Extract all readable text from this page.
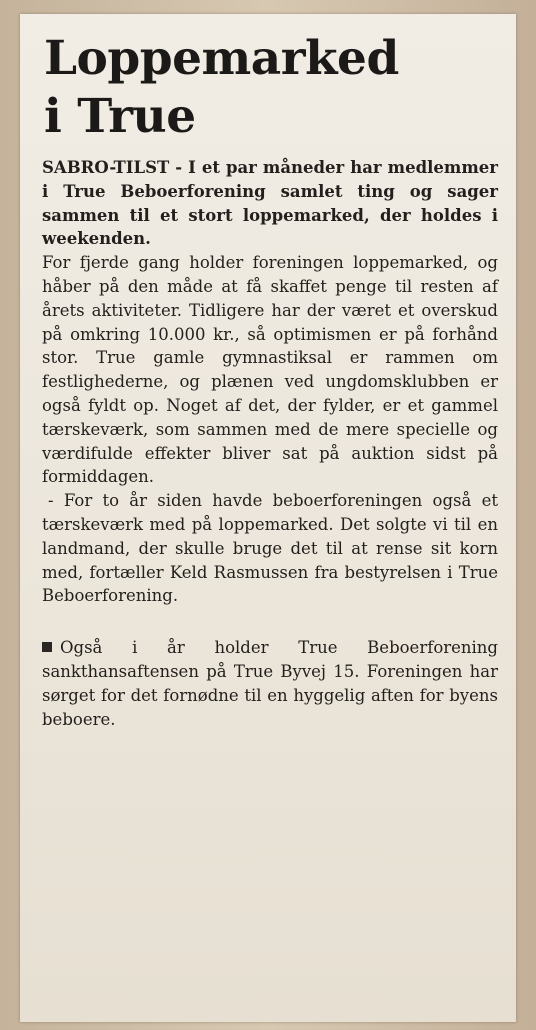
Loppemarked
i True

SABRO-TILST - I et par måneder har medlemmer i True Beboerforening samlet ting og sager sammen til et stort loppemarked, der holdes i weekenden.

For fjerde gang holder foreningen loppemarked, og håber på den måde at få skaffet penge til resten af årets aktiviteter. Tidligere har der været et overskud på omkring 10.000 kr., så optimismen er på forhånd stor. True gamle gymnastiksal er rammen om festlighederne, og plænen ved ungdomsklubben er også fyldt op. Noget af det, der fylder, er et gammel tærskeværk, som sammen med de mere specielle og værdifulde effekter bliver sat på auktion sidst på formiddagen.

- For to år siden havde beboerforeningen også et tærskeværk med på loppemarked. Det solgte vi til en landmand, der skulle bruge det til at rense sit korn med, fortæller Keld Rasmussen fra bestyrelsen i True Beboerforening.

Også i år holder True Beboerforening sankthansaftensen på True Byvej 15. Foreningen har sørget for det fornødne til en hyggelig aften for byens beboere.
